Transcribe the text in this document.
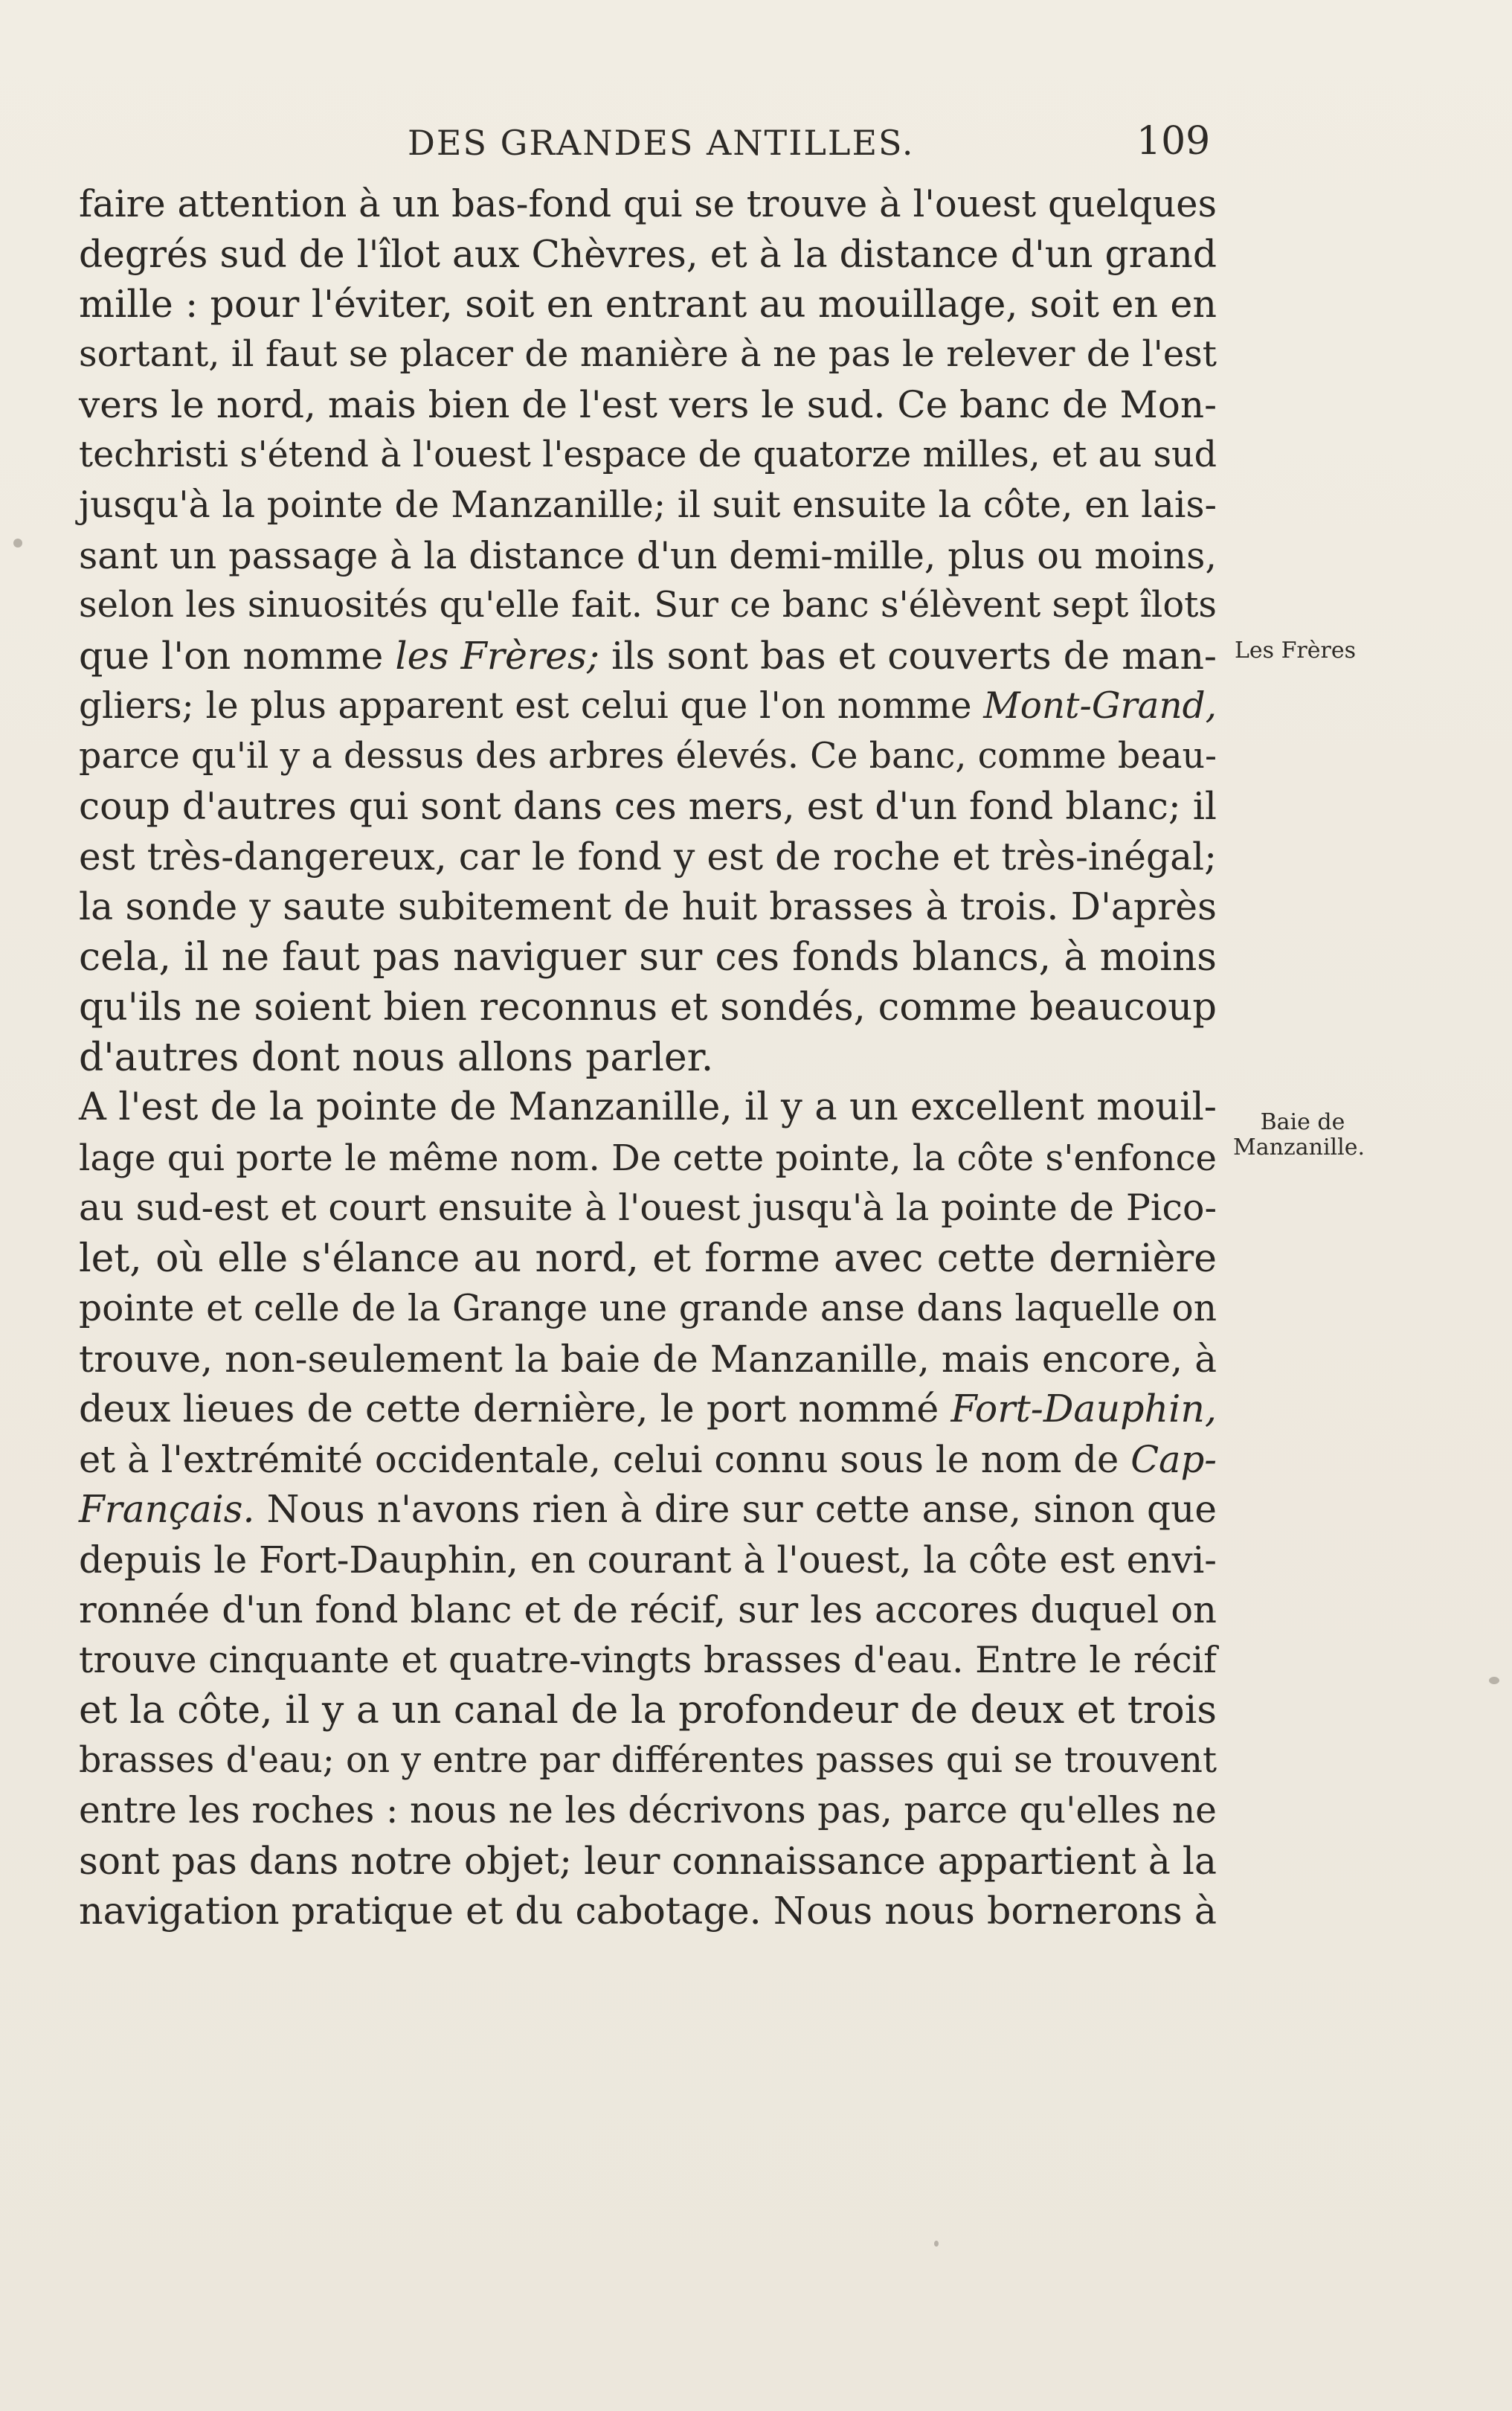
DES GRANDES ANTILLES.	109
faire attention à un bas-fond qui se trouve à l'ouest quelques
degrés sud de l'îlot aux Chèvres, et à la distance d'un grand
mille : pour l'éviter, soit en entrant au mouillage, soit en en
sortant, il faut se placer de manière à ne pas le relever de l'est
vers le nord, mais bien de l'est vers le sud. Ce banc de Mon-
techristi s'étend à l'ouest l'espace de quatorze milles, et au sud
jusqu'à la pointe de Manzanille; il suit ensuite la côte, en lais-
sant un passage à la distance d'un demi-mille, plus ou moins,
selon les sinuosités qu'elle fait. Sur ce banc s'élèvent sept îlots
que l'on nomme les Frères; ils sont bas et couverts de man-
gliers; le plus apparent est celui que l'on nomme Mont-Grand,
parce qu'il y a dessus des arbres élevés. Ce banc, comme beau-
coup d'autres qui sont dans ces mers, est d'un fond blanc; il
est très-dangereux, car le fond y est de roche et très-inégal;
la sonde y saute subitement de huit brasses à trois. D'après
cela, il ne faut pas naviguer sur ces fonds blancs, à moins
qu'ils ne soient bien reconnus et sondés, comme beaucoup
d'autres dont nous allons parler.
A l'est de la pointe de Manzanille, il y a un excellent mouil-
lage qui porte le même nom. De cette pointe, la côte s'enfonce
au sud-est et court ensuite à l'ouest jusqu'à la pointe de Pico-
let, où elle s'élance au nord, et forme avec cette dernière
pointe et celle de la Grange une grande anse dans laquelle on
trouve, non-seulement la baie de Manzanille, mais encore, à
deux lieues de cette dernière, le port nommé Fort-Dauphin,
et à l'extrémité occidentale, celui connu sous le nom de Cap-
Français. Nous n'avons rien à dire sur cette anse, sinon que
depuis le Fort-Dauphin, en courant à l'ouest, la côte est envi-
ronnée d'un fond blanc et de récif, sur les accores duquel on
trouve cinquante et quatre-vingts brasses d'eau. Entre le récif
et la côte, il y a un canal de la profondeur de deux et trois
brasses d'eau; on y entre par différentes passes qui se trouvent
entre les roches : nous ne les décrivons pas, parce qu'elles ne
sont pas dans notre objet; leur connaissance appartient à la
navigation pratique et du cabotage. Nous nous bornerons à
Les Frères
Baie de
Manzanille.
